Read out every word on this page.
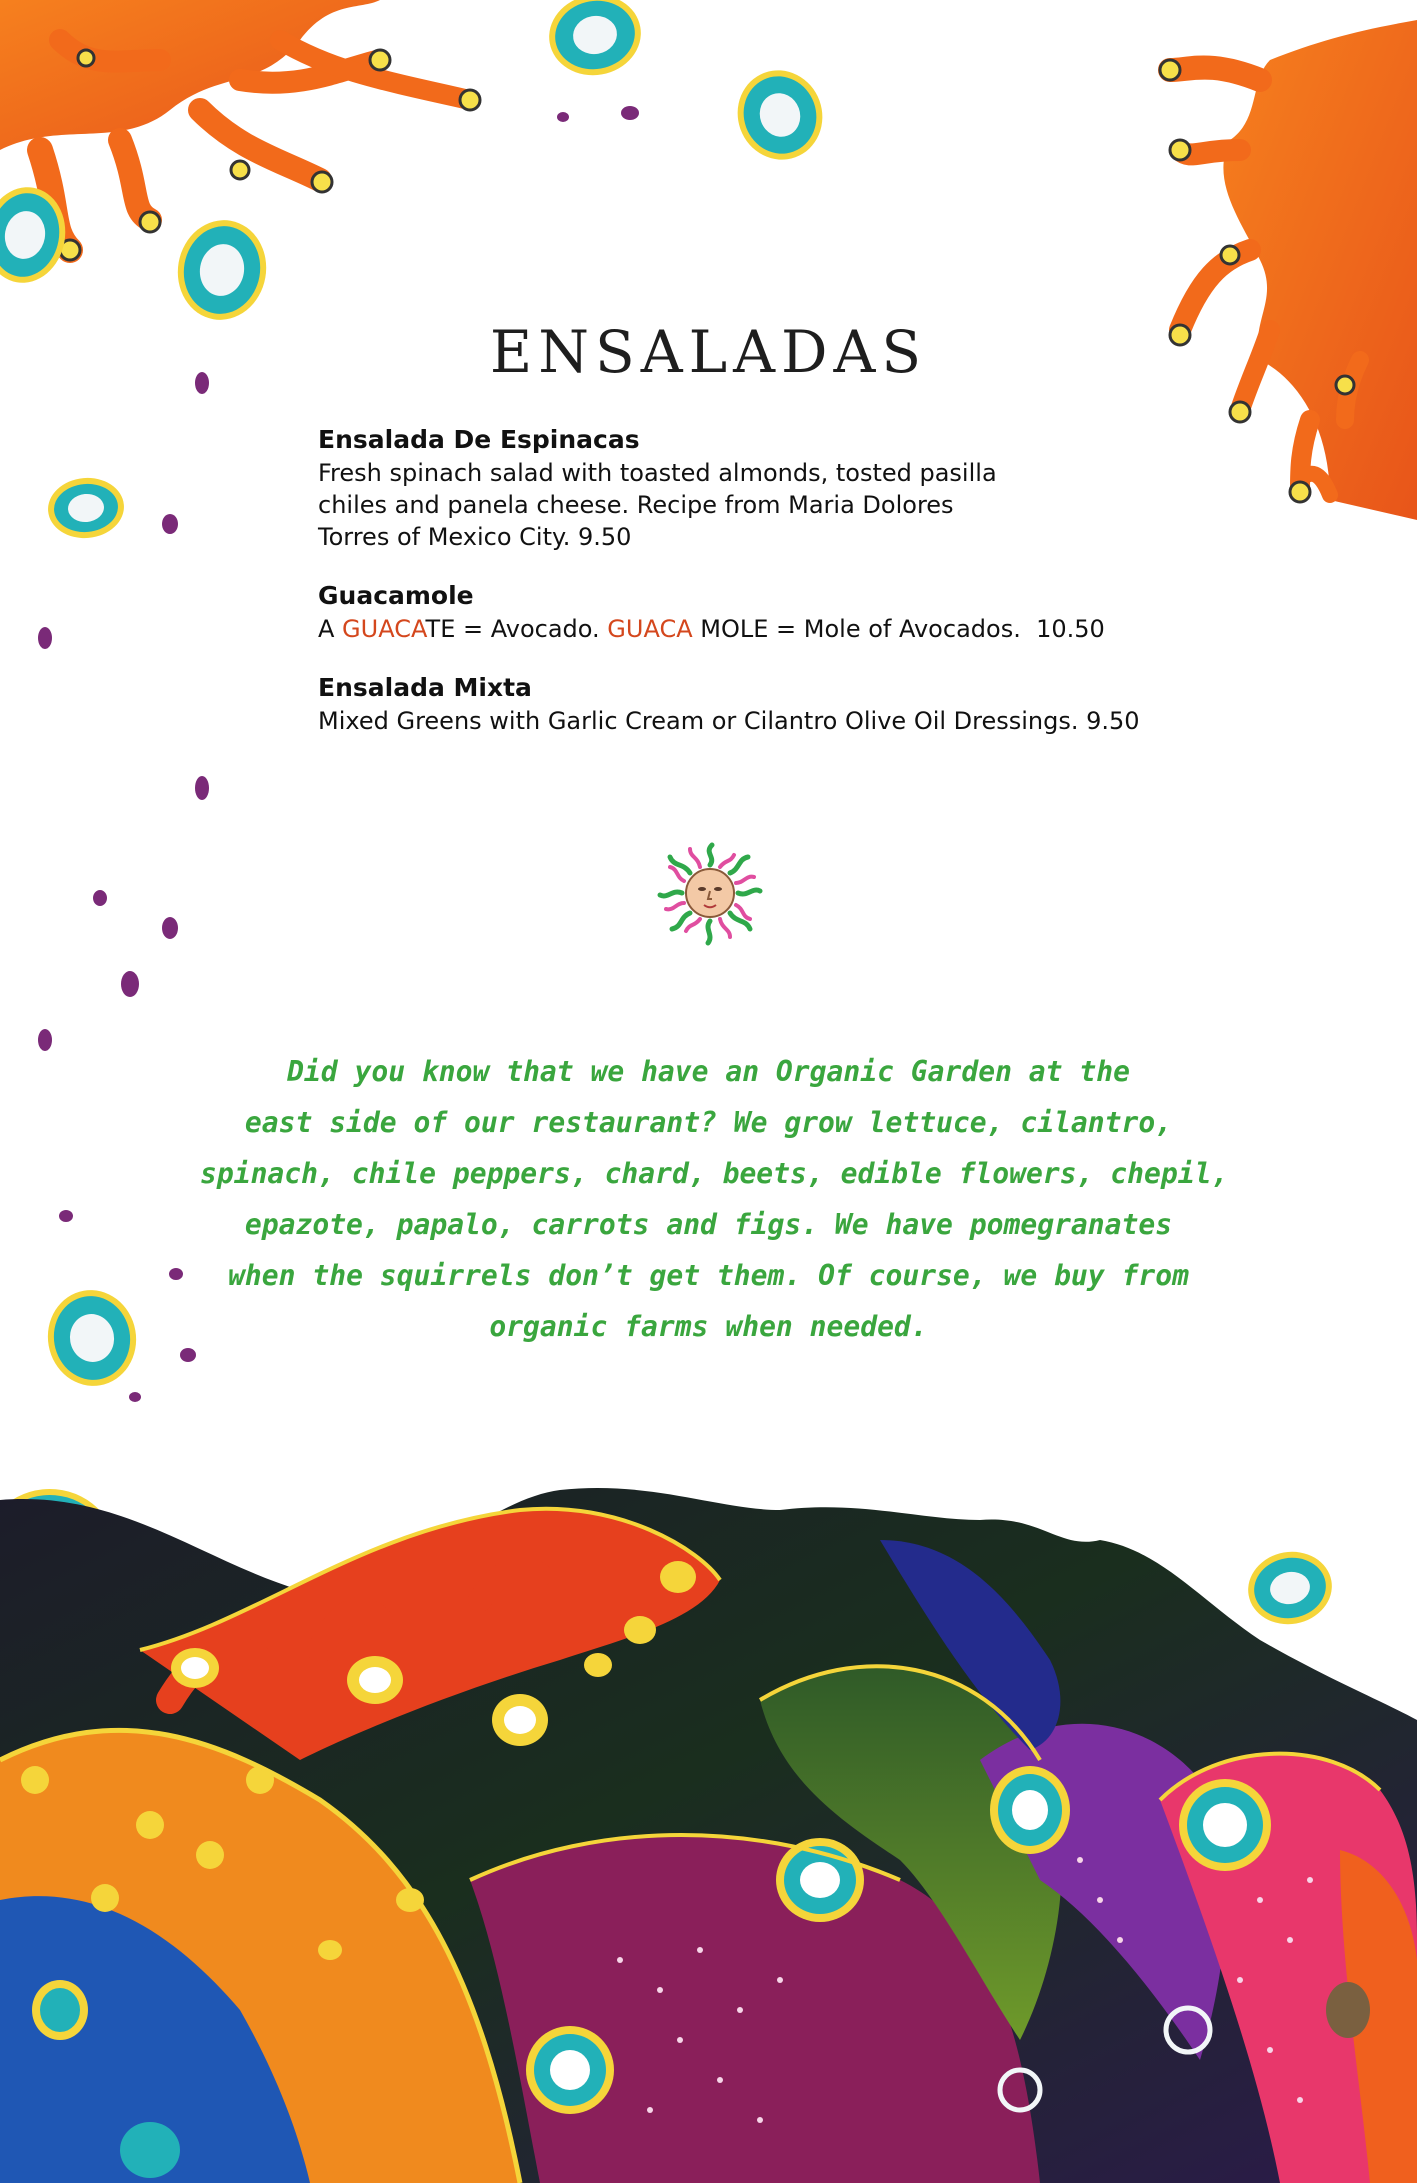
ENSALADAS

Ensalada De Espinacas

Fresh spinach salad with toasted almonds, tosted pasilla
chiles and panela cheese. Recipe from Maria Dolores
Torres of Mexico City. 9.50

Guacamole

A GUACATE = Avocado. GUACA MOLE = Mole of Avocados.  10.50

Ensalada Mixta

Mixed Greens with Garlic Cream or Cilantro Olive Oil Dressings. 9.50

Did you know that we have an Organic Garden at the
east side of our restaurant? We grow lettuce, cilantro,
spinach, chile peppers, chard, beets, edible flowers, chepil,
epazote, papalo, carrots and figs. We have pomegranates
when the squirrels don’t get them. Of course, we buy from
organic farms when needed.
